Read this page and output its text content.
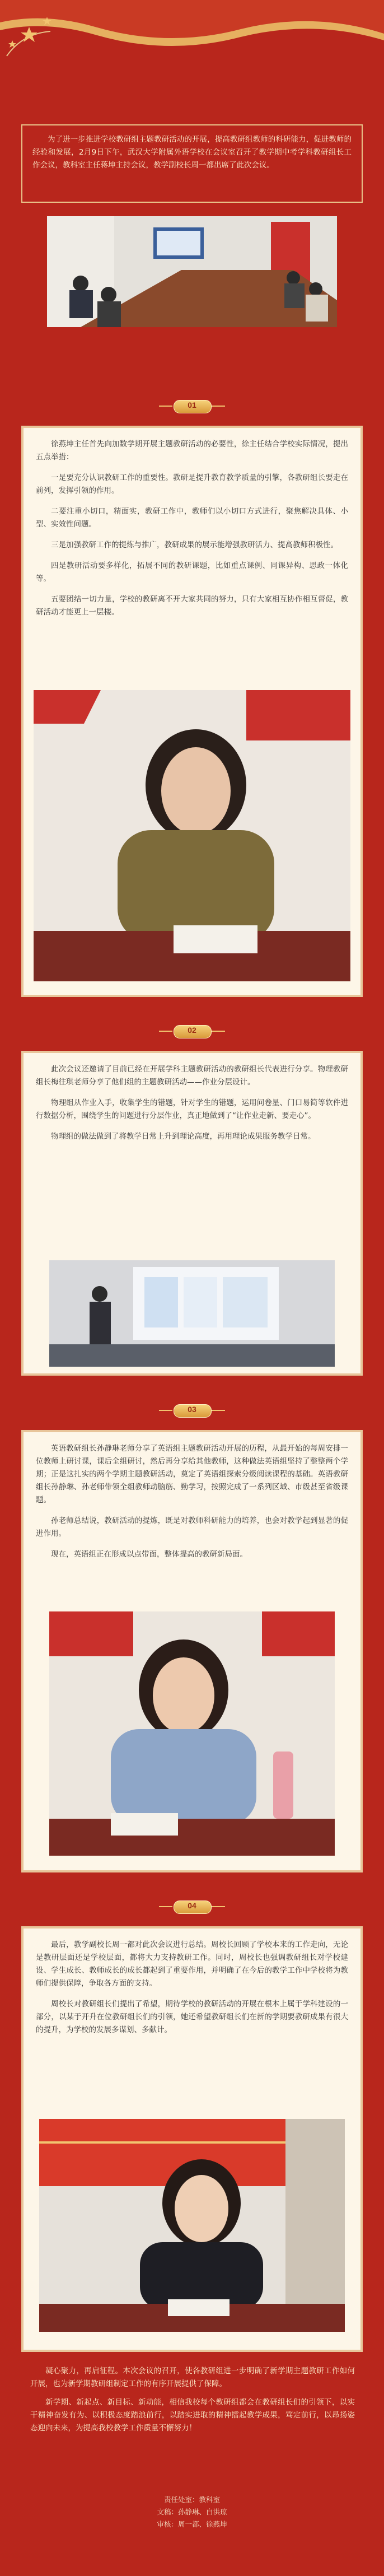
为了进一步推进学校教研组主题教研活动的开展，提高教研组教师的科研能力，促进教师的经验和发展，2月9日下午，武汉大学附属外语学校在会议室召开了教学期中考学科教研组长工作会议，教科室主任蒋坤主持会议，教学副校长周一都出席了此次会议。

01

徐燕坤主任首先向加数学期开展主题教研活动的必要性，徐主任结合学校实际情况，提出五点举措：

一是要充分认识教研工作的重要性。教研是提升教育教学质量的引擎，各教研组长要走在前列，发挥引领的作用。

二要注重小切口，精面实，教研工作中，教师们以小切口方式进行，聚焦解决具体、小型、实效性问题。

三是加强教研工作的提炼与推广，教研成果的展示能增强教研活力、提高教师积极性。

四是教研活动要多样化，拓展不同的教研课题，比如重点课例、同课异构、思政一体化等。

五要团结一切力量，学校的教研离不开大家共同的努力，只有大家相互协作相互督促，教研活动才能更上一层楼。

02

此次会议还邀请了目前已经在开展学科主题教研活动的教研组长代表进行分享。物理教研组长梅往琪老师分享了他们组的主题教研活动——作业分层设计。

物理组从作业入手，收集学生的错题，针对学生的错题，运用问卷星、门口易简等软件进行数据分析，围绕学生的问题进行分层作业，真正地做到了“让作业走新、要走心”。

物理组的做法做到了将教学日常上升到理论高度，再用理论成果服务教学日常。

03

英语教研组长孙静琳老师分享了英语组主题教研活动开展的历程，从最开始的每周安排一位教师上研讨课，课后全组研讨，然后再分享给其他教师，这种做法英语组坚持了整整两个学期；正是这扎实的两个学期主题教研活动，奠定了英语组探索分级阅读课程的基础。英语教研组长孙静琳、孙老师带领全组教师动脑筋、勤学习，按照完成了一系列区域、市级甚至省级课题。

孙老师总结说，教研活动的提炼，既是对教师科研能力的培养，也会对教学起到显著的促进作用。

现在，英语组正在形成以点带面，整体提高的教研新局面。

04

最后，教学副校长周一都对此次会议进行总结。周校长回顾了学校本来的工作走向，无论是教研层面还是学校层面，都将大力支持教研工作。同时，周校长也强调教研组长对学校建设、学生成长、教师成长的成长都起到了重要作用，并明确了在今后的教学工作中学校将为教师们提供保障，争取各方面的支持。

周校长对教研组长们提出了希望，期待学校的教研活动的开展在根本上属于学科建设的一部分，以某于开升在位教研组长们的引领，她还希望教研组长们在新的学期要教研成果有很大的提升，为学校的发展多谋划、多献计。

凝心聚力，再启征程。本次会议的召开，使各教研组进一步明确了新学期主题教研工作如何开展，也为新学期教研组制定工作的有序开展提供了保障。

新学期、新起点、新目标、新动能，相信我校每个教研组都会在教研组长们的引领下，以实干精神奋发有为、以积极态度踏浪前行，以踏实进取的精神擂起教学成果，笃定前行，以昂扬姿态迎向未来，为提高我校教学工作质量不懈努力！

责任处室：教科室
文稿：孙静琳、白洪琼
审核：周一都、徐燕坤
